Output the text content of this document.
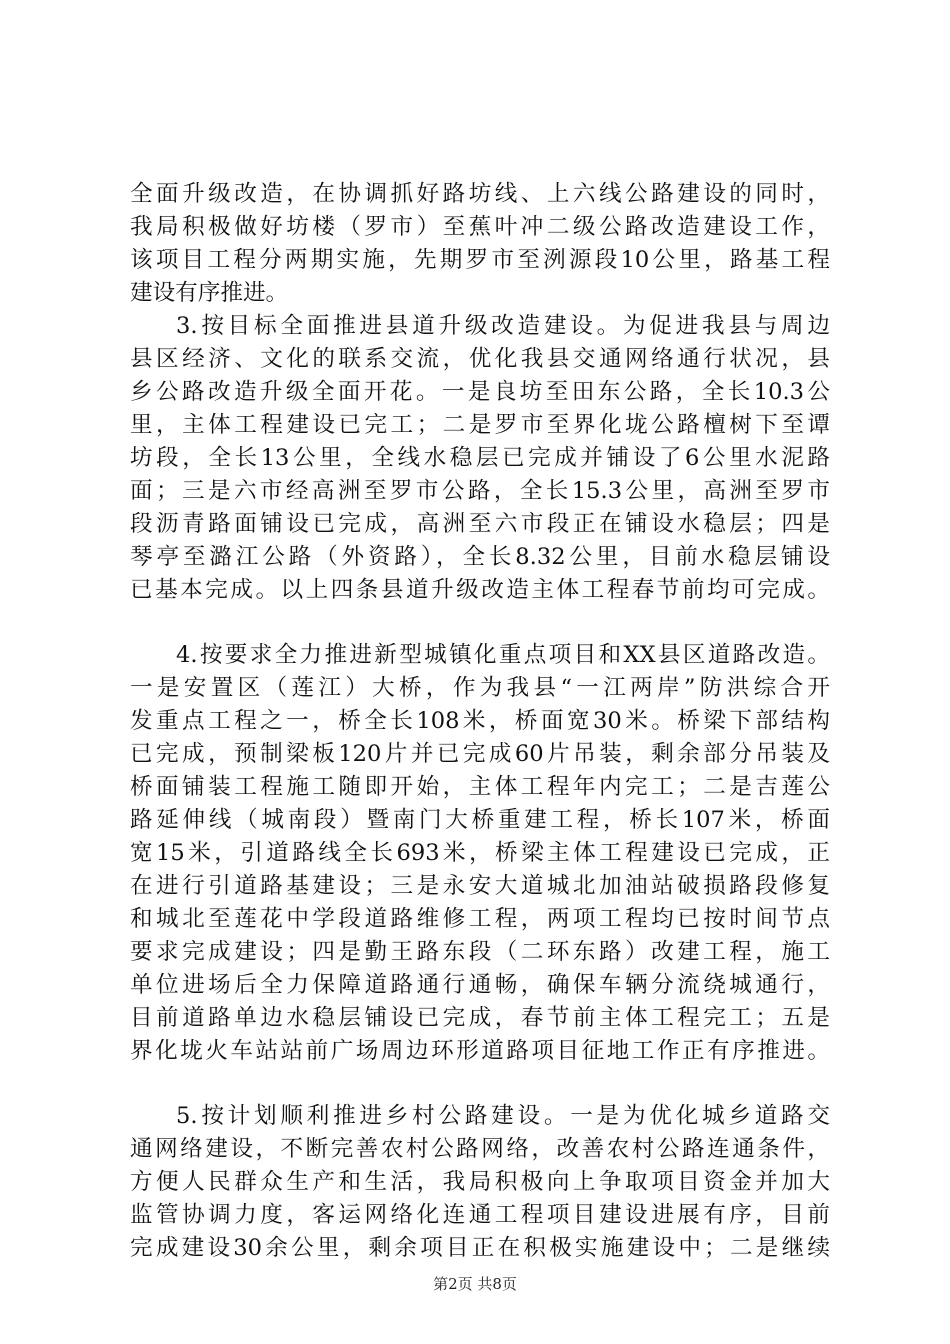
全面升级改造，在协调抓好路坊线、上六线公路建设的同时，
我局积极做好坊楼（罗市）至蕉叶冲二级公路改造建设工作，
该项目工程分两期实施，先期罗市至洌源段10公里，路基工程
建设有序推进。
3.按目标全面推进县道升级改造建设。为促进我县与周边
县区经济、文化的联系交流，优化我县交通网络通行状况，县
乡公路改造升级全面开花。一是良坊至田东公路，全长10.3公
里，主体工程建设已完工；二是罗市至界化垅公路檀树下至谭
坊段，全长13公里，全线水稳层已完成并铺设了6公里水泥路
面；三是六市经高洲至罗市公路，全长15.3公里，高洲至罗市
段沥青路面铺设已完成，高洲至六市段正在铺设水稳层；四是
琴亭至潞江公路（外资路），全长8.32公里，目前水稳层铺设
已基本完成。以上四条县道升级改造主体工程春节前均可完成。
4.按要求全力推进新型城镇化重点项目和XX县区道路改造。
一是安置区（莲江）大桥，作为我县“一江两岸”防洪综合开
发重点工程之一，桥全长108米，桥面宽30米。桥梁下部结构
已完成，预制梁板120片并已完成60片吊装，剩余部分吊装及
桥面铺装工程施工随即开始，主体工程年内完工；二是吉莲公
路延伸线（城南段）暨南门大桥重建工程，桥长107米，桥面
宽15米，引道路线全长693米，桥梁主体工程建设已完成，正
在进行引道路基建设；三是永安大道城北加油站破损路段修复
和城北至莲花中学段道路维修工程，两项工程均已按时间节点
要求完成建设；四是勤王路东段（二环东路）改建工程，施工
单位进场后全力保障道路通行通畅，确保车辆分流绕城通行，
目前道路单边水稳层铺设已完成，春节前主体工程完工；五是
界化垅火车站站前广场周边环形道路项目征地工作正有序推进。
5.按计划顺利推进乡村公路建设。一是为优化城乡道路交
通网络建设，不断完善农村公路网络，改善农村公路连通条件，
方便人民群众生产和生活，我局积极向上争取项目资金并加大
监管协调力度，客运网络化连通工程项目建设进展有序，目前
完成建设30余公里，剩余项目正在积极实施建设中；二是继续
第2页 共8页
